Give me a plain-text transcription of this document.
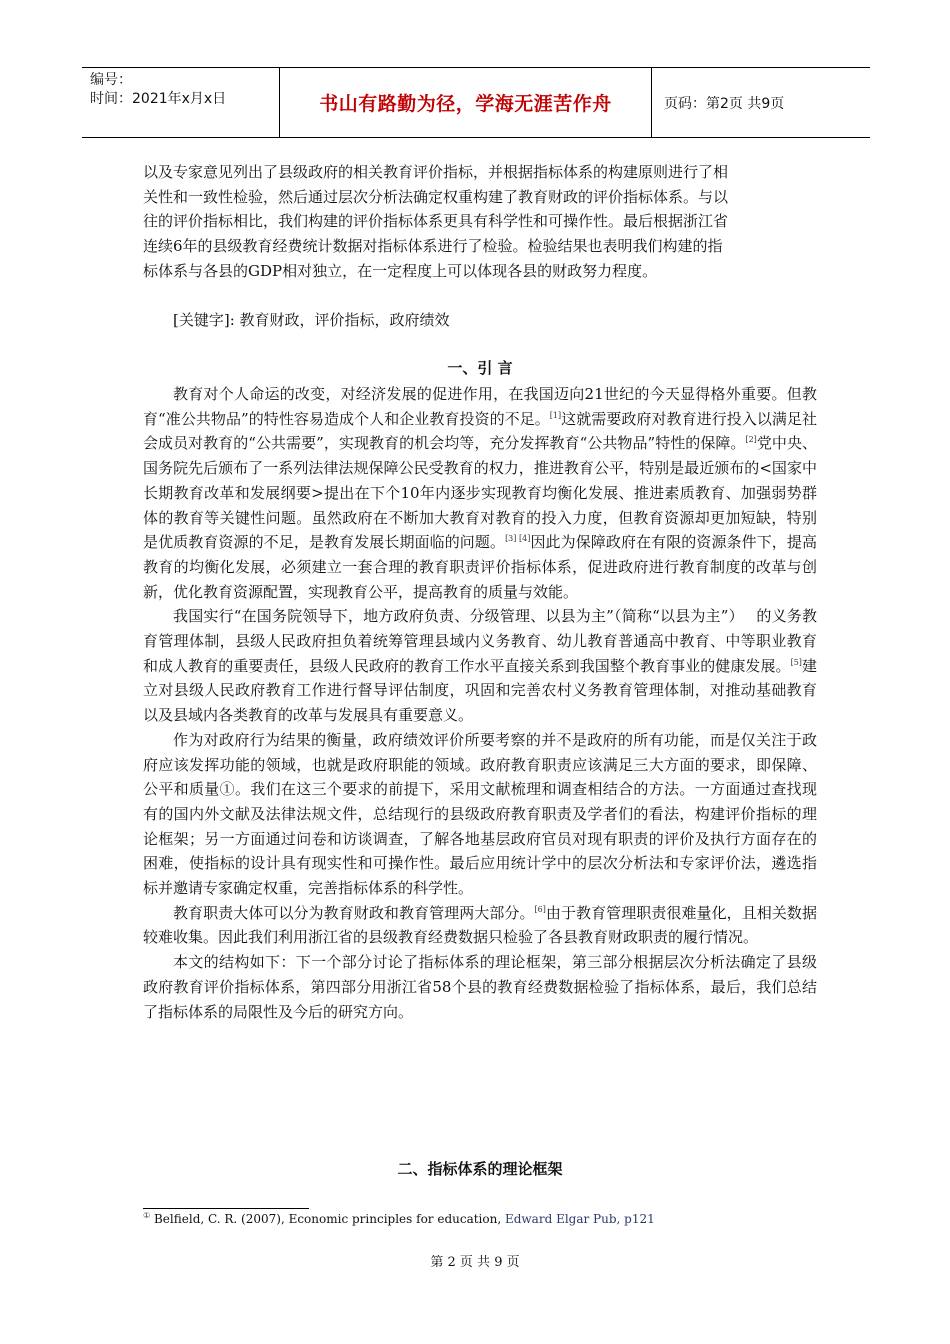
编号：
时间：2021年x月x日	书山有路勤为径，学海无涯苦作舟	页码：第2页 共9页

以及专家意见列出了县级政府的相关教育评价指标，并根据指标体系的构建原则进行了相

关性和一致性检验，然后通过层次分析法确定权重构建了教育财政的评价指标体系。与以

往的评价指标相比，我们构建的评价指标体系更具有科学性和可操作性。最后根据浙江省

连续6年的县级教育经费统计数据对指标体系进行了检验。检验结果也表明我们构建的指

标体系与各县的GDP相对独立，在一定程度上可以体现各县的财政努力程度。

[关键字]: 教育财政，评价指标，政府绩效

一、引 言

教育对个人命运的改变，对经济发展的促进作用，在我国迈向21世纪的今天显得格外重要。但教育“准公共物品”的特性容易造成个人和企业教育投资的不足。[1]这就需要政府对教育进行投入以满足社会成员对教育的“公共需要”，实现教育的机会均等，充分发挥教育“公共物品”特性的保障。[2]党中央、国务院先后颁布了一系列法律法规保障公民受教育的权力，推进教育公平，特别是最近颁布的<国家中长期教育改革和发展纲要>提出在下个10年内逐步实现教育均衡化发展、推进素质教育、加强弱势群体的教育等关键性问题。虽然政府在不断加大教育对教育的投入力度，但教育资源却更加短缺，特别是优质教育资源的不足，是教育发展长期面临的问题。[3] [4]因此为保障政府在有限的资源条件下，提高教育的均衡化发展，必须建立一套合理的教育职责评价指标体系，促进政府进行教育制度的改革与创新，优化教育资源配置，实现教育公平，提高教育的质量与效能。

我国实行“在国务院领导下，地方政府负责、分级管理、以县为主”（简称“以县为主”）　 的义务教育管理体制，县级人民政府担负着统筹管理县域内义务教育、幼儿教育普通高中教育、中等职业教育和成人教育的重要责任，县级人民政府的教育工作水平直接关系到我国整个教育事业的健康发展。[5]建立对县级人民政府教育工作进行督导评估制度，巩固和完善农村义务教育管理体制，对推动基础教育以及县域内各类教育的改革与发展具有重要意义。

作为对政府行为结果的衡量，政府绩效评价所要考察的并不是政府的所有功能，而是仅关注于政府应该发挥功能的领域，也就是政府职能的领域。政府教育职责应该满足三大方面的要求，即保障、公平和质量①。我们在这三个要求的前提下，采用文献梳理和调查相结合的方法。一方面通过查找现有的国内外文献及法律法规文件，总结现行的县级政府教育职责及学者们的看法，构建评价指标的理论框架；另一方面通过问卷和访谈调查，了解各地基层政府官员对现有职责的评价及执行方面存在的困难，使指标的设计具有现实性和可操作性。最后应用统计学中的层次分析法和专家评价法，遴选指标并邀请专家确定权重，完善指标体系的科学性。

教育职责大体可以分为教育财政和教育管理两大部分。[6]由于教育管理职责很难量化，且相关数据较难收集。因此我们利用浙江省的县级教育经费数据只检验了各县教育财政职责的履行情况。

本文的结构如下：下一个部分讨论了指标体系的理论框架，第三部分根据层次分析法确定了县级政府教育评价指标体系，第四部分用浙江省58个县的教育经费数据检验了指标体系，最后，我们总结了指标体系的局限性及今后的研究方向。

二、指标体系的理论框架
① Belfield, C. R. (2007), Economic principles for education, Edward Elgar Pub, p121
第 2 页 共 9 页
